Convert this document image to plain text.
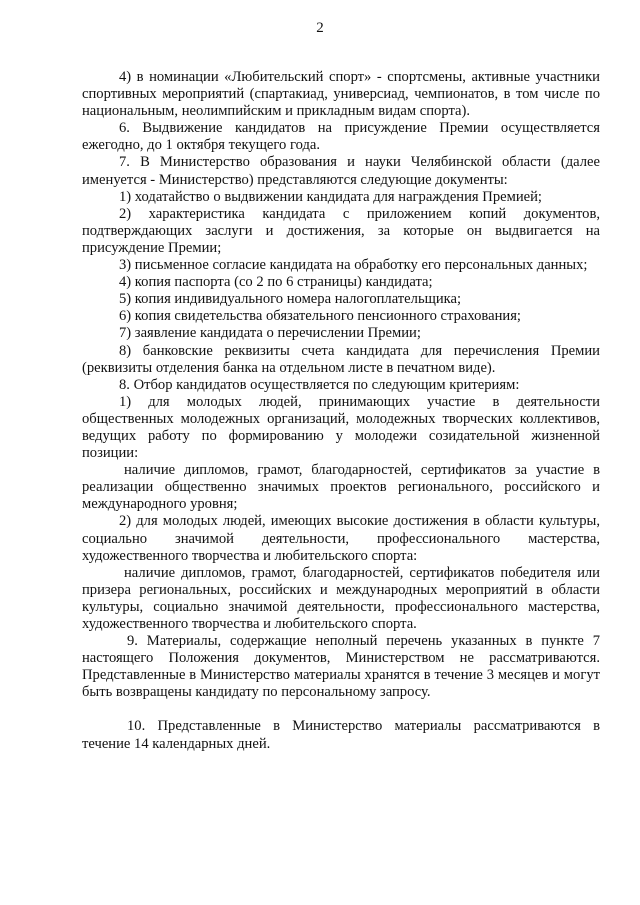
2

4) в номинации «Любительский спорт» - спортсмены, активные участники спортивных мероприятий (спартакиад, универсиад, чемпионатов, в том числе по национальным, неолимпийским и прикладным видам спорта).

6. Выдвижение кандидатов на присуждение Премии осуществляется ежегодно, до 1 октября текущего года.

7. В Министерство образования и науки Челябинской области (далее именуется - Министерство) представляются следующие документы:

1) ходатайство о выдвижении кандидата для награждения Премией;

2) характеристика кандидата с приложением копий документов, подтверждающих заслуги и достижения, за которые он выдвигается на присуждение Премии;

3) письменное согласие кандидата на обработку его персональных данных;

4) копия паспорта (со 2 по 6 страницы) кандидата;

5) копия индивидуального номера налогоплательщика;

6) копия свидетельства обязательного пенсионного страхования;

7) заявление кандидата о перечислении Премии;

8) банковские реквизиты счета кандидата для перечисления Премии (реквизиты отделения банка на отдельном листе в печатном виде).

8. Отбор кандидатов осуществляется по следующим критериям:

1) для молодых людей, принимающих участие в деятельности общественных молодежных организаций, молодежных творческих коллективов, ведущих работу по формированию у молодежи созидательной жизненной позиции:

наличие дипломов, грамот, благодарностей, сертификатов за участие в реализации общественно значимых проектов регионального, российского и международного уровня;

2) для молодых людей, имеющих высокие достижения в области культуры, социально значимой деятельности, профессионального мастерства, художественного творчества и любительского спорта:

наличие дипломов, грамот, благодарностей, сертификатов победителя или призера региональных, российских и международных мероприятий в области культуры, социально значимой деятельности, профессионального мастерства, художественного творчества и любительского спорта.

9. Материалы, содержащие неполный перечень указанных в пункте 7 настоящего Положения документов, Министерством не рассматриваются. Представленные в Министерство материалы хранятся в течение 3 месяцев и могут быть возвращены кандидату по персональному запросу.

10. Представленные в Министерство материалы рассматриваются в течение 14 календарных дней.
